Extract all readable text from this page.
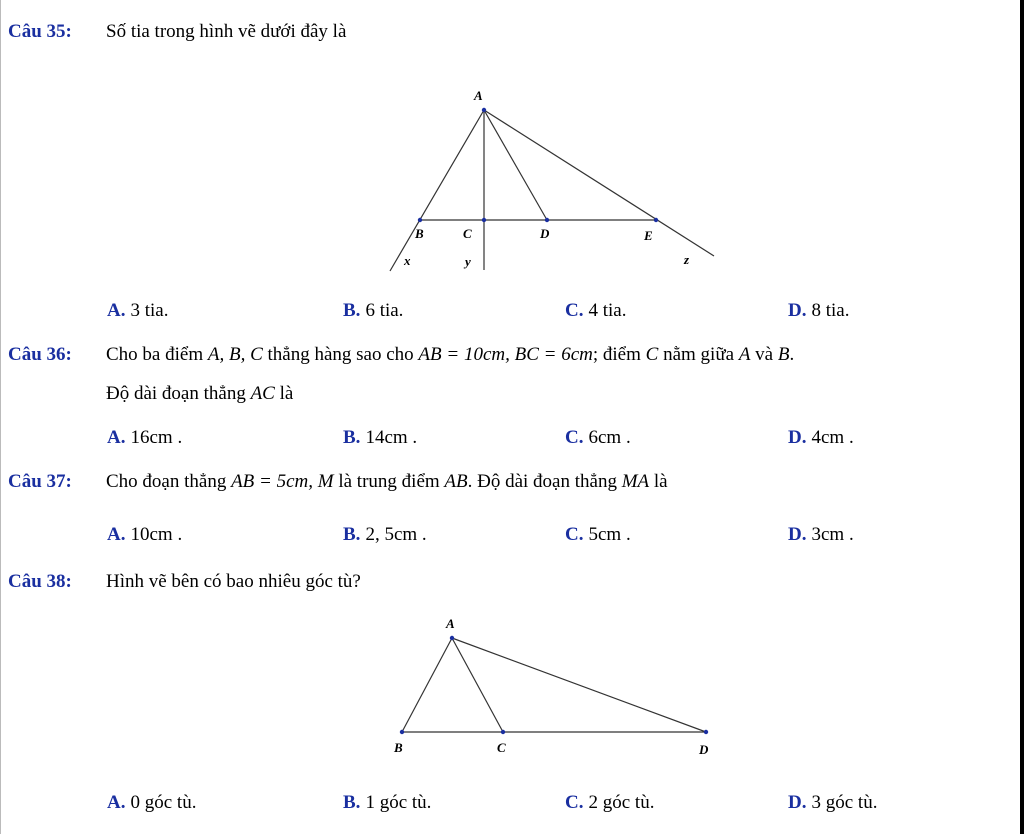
Câu 35: Số tia trong hình vẽ dưới đây là
A
B	C	D	E
x	y	z
A. 3 tia.	B. 6 tia.	C. 4 tia.	D. 8 tia.
Câu 36: Cho ba điểm A, B, C thẳng hàng sao cho AB = 10cm, BC = 6cm; điểm C nằm giữa A và B.
Độ dài đoạn thẳng AC là
A. 16cm .	B. 14cm .	C. 6cm .	D. 4cm .
Câu 37: Cho đoạn thẳng AB = 5cm, M là trung điểm AB. Độ dài đoạn thẳng MA là
A. 10cm .	B. 2, 5cm .	C. 5cm .	D. 3cm .
Câu 38: Hình vẽ bên có bao nhiêu góc tù?
A
B	C	D
A. 0 góc tù.	B. 1 góc tù.	C. 2 góc tù.	D. 3 góc tù.
